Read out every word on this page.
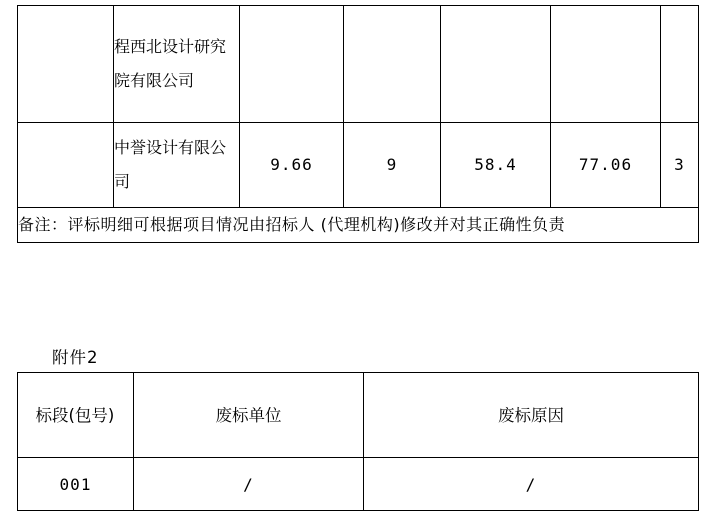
	程西北设计研究院有限公司					
	中誉设计有限公司	9.66	9	58.4	77.06	3
备注：评标明细可根据项目情况由招标人 (代理机构)修改并对其正确性负责						
附件2
标段(包号)	废标单位	废标原因
001	/	/
